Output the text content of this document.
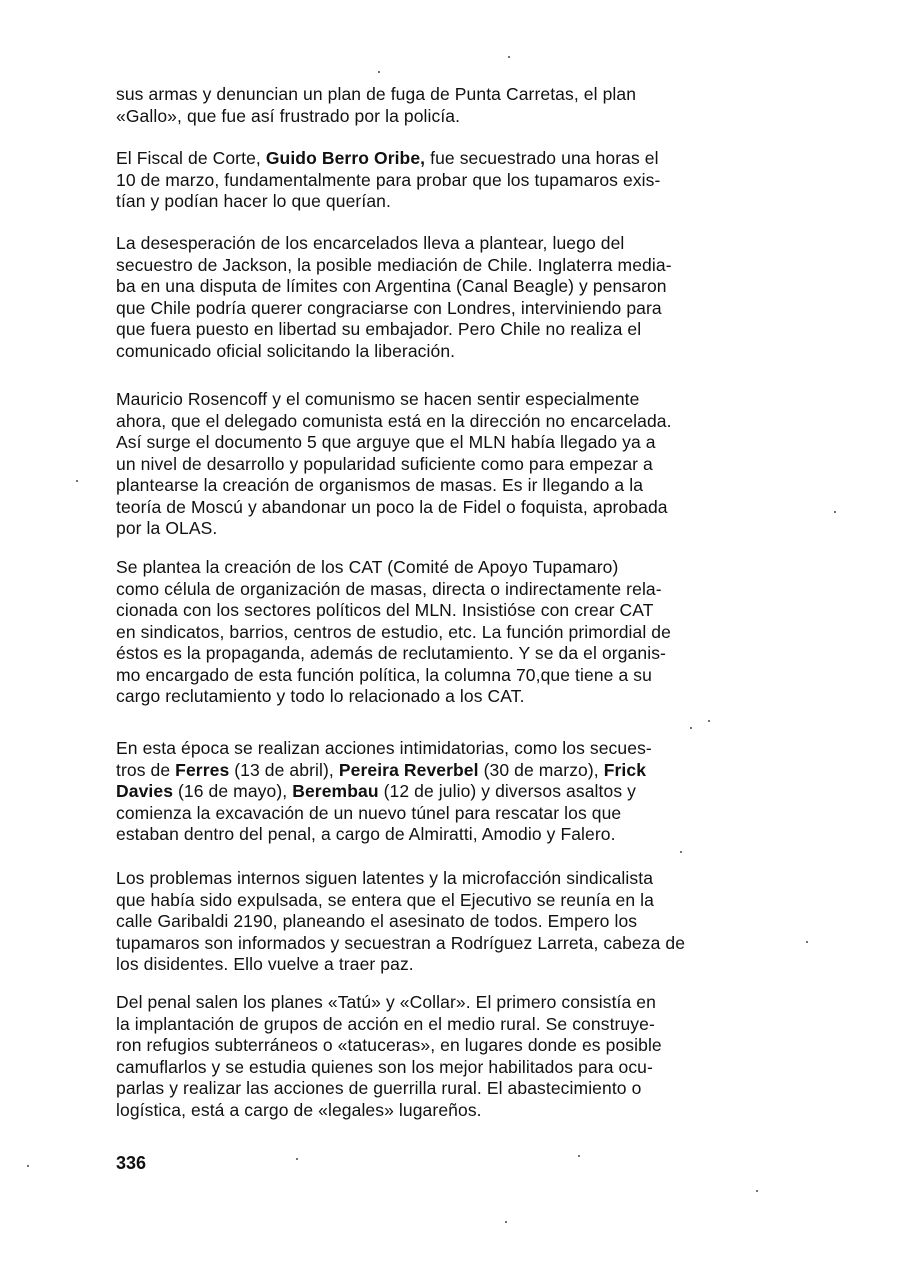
sus armas y denuncian un plan de fuga de Punta Carretas, el plan
«Gallo», que fue así frustrado por la policía.

El Fiscal de Corte, Guido Berro Oribe, fue secuestrado una horas el
10 de marzo, fundamentalmente para probar que los tupamaros exis-
tían y podían hacer lo que querían.

La desesperación de los encarcelados lleva a plantear, luego del
secuestro de Jackson, la posible mediación de Chile. Inglaterra media-
ba en una disputa de límites con Argentina (Canal Beagle) y pensaron
que Chile podría querer congraciarse con Londres, interviniendo para
que fuera puesto en libertad su embajador. Pero Chile no realiza el
comunicado oficial solicitando la liberación.

Mauricio Rosencoff y el comunismo se hacen sentir especialmente
ahora, que el delegado comunista está en la dirección no encarcelada.
Así surge el documento 5 que arguye que el MLN había llegado ya a
un nivel de desarrollo y popularidad suficiente como para empezar a
plantearse la creación de organismos de masas. Es ir llegando a la
teoría de Moscú y abandonar un poco la de Fidel o foquista, aprobada
por la OLAS.

Se plantea la creación de los CAT (Comité de Apoyo Tupamaro)
como célula de organización de masas, directa o indirectamente rela-
cionada con los sectores políticos del MLN. Insistióse con crear CAT
en sindicatos, barrios, centros de estudio, etc. La función primordial de
éstos es la propaganda, además de reclutamiento. Y se da el organis-
mo encargado de esta función política, la columna 70,que tiene a su
cargo reclutamiento y todo lo relacionado a los CAT.

En esta época se realizan acciones intimidatorias, como los secues-
tros de Ferres (13 de abril), Pereira Reverbel (30 de marzo), Frick
Davies (16 de mayo), Berembau (12 de julio) y diversos asaltos y
comienza la excavación de un nuevo túnel para rescatar los que
estaban dentro del penal, a cargo de Almiratti, Amodio y Falero.

Los problemas internos siguen latentes y la microfacción sindicalista
que había sido expulsada, se entera que el Ejecutivo se reunía en la
calle Garibaldi 2190, planeando el asesinato de todos. Empero los
tupamaros son informados y secuestran a Rodríguez Larreta, cabeza de
los disidentes. Ello vuelve a traer paz.

Del penal salen los planes «Tatú» y «Collar». El primero consistía en
la implantación de grupos de acción en el medio rural. Se construye-
ron refugios subterráneos o «tatuceras», en lugares donde es posible
camuflarlos y se estudia quienes son los mejor habilitados para ocu-
parlas y realizar las acciones de guerrilla rural. El abastecimiento o
logística, está a cargo de «legales» lugareños.

336
